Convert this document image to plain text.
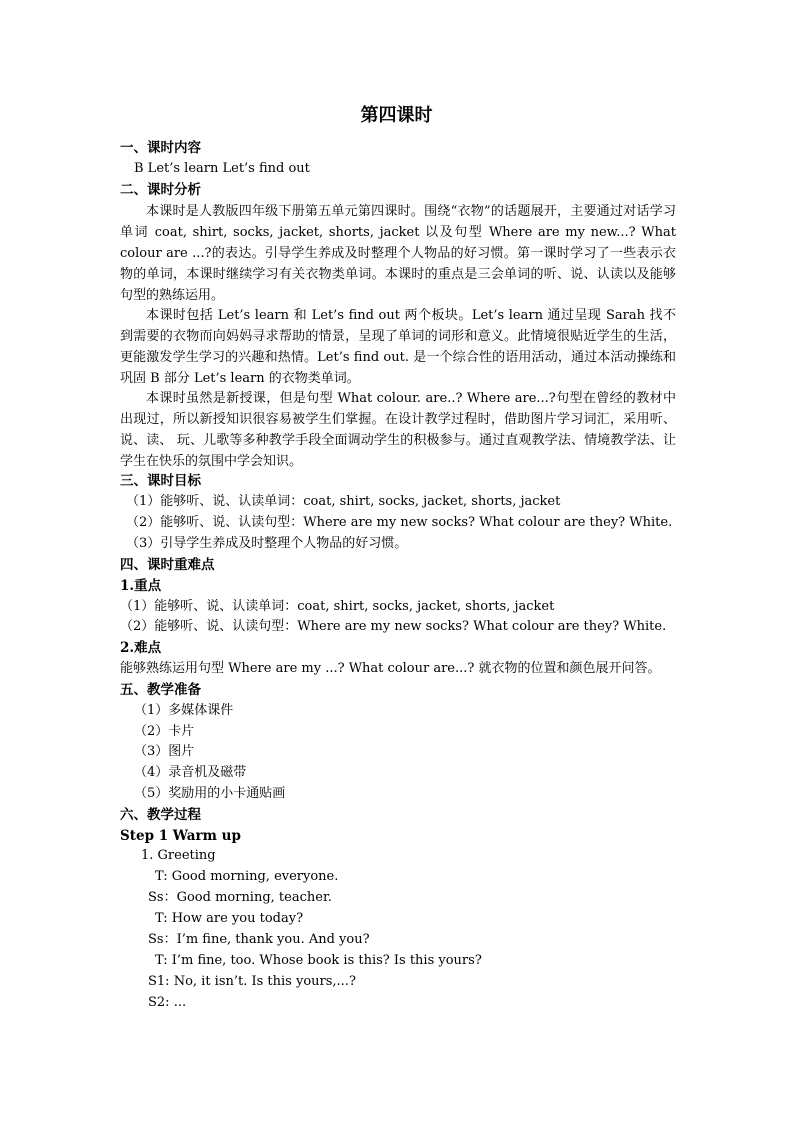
第四课时
一、课时内容
B Let’s learn Let’s find out
二、课时分析
本课时是人教版四年级下册第五单元第四课时。围绕“衣物”的话题展开，主要通过对话学习单词 coat, shirt, socks, jacket, shorts, jacket 以及句型 Where are my new...? What colour are ...?的表达。引导学生养成及时整理个人物品的好习惯。第一课时学习了一些表示衣物的单词，本课时继续学习有关衣物类单词。本课时的重点是三会单词的听、说、认读以及能够句型的熟练运用。
本课时包括 Let’s learn 和 Let’s find out 两个板块。Let’s learn 通过呈现 Sarah 找不到需要的衣物而向妈妈寻求帮助的情景，呈现了单词的词形和意义。此情境很贴近学生的生活，更能激发学生学习的兴趣和热情。Let’s find out. 是一个综合性的语用活动，通过本活动操练和巩固 B 部分 Let’s learn 的衣物类单词。
本课时虽然是新授课，但是句型 What colour. are..? Where are...?句型在曾经的教材中出现过，所以新授知识很容易被学生们掌握。在设计教学过程时，借助图片学习词汇，采用听、说、读、 玩、儿歌等多种教学手段全面调动学生的积极参与。通过直观教学法、情境教学法、让学生在快乐的氛围中学会知识。
三、课时目标
（1）能够听、说、认读单词：coat, shirt, socks, jacket, shorts, jacket
（2）能够听、说、认读句型：Where are my new socks? What colour are they? White.
（3）引导学生养成及时整理个人物品的好习惯。
四、课时重难点
1.重点
（1）能够听、说、认读单词：coat, shirt, socks, jacket, shorts, jacket
（2）能够听、说、认读句型：Where are my new socks? What colour are they? White.
2.难点
能够熟练运用句型 Where are my ...? What colour are...? 就衣物的位置和颜色展开问答。
五、教学准备
（1）多媒体课件
（2）卡片
（3）图片
（4）录音机及磁带
（5）奖励用的小卡通贴画
六、教学过程
Step 1 Warm up
1. Greeting
T: Good morning, everyone.
Ss：Good morning, teacher.
T: How are you today?
Ss：I’m fine, thank you. And you?
T: I’m fine, too. Whose book is this? Is this yours?
S1: No, it isn’t. Is this yours,...?
S2: ...
